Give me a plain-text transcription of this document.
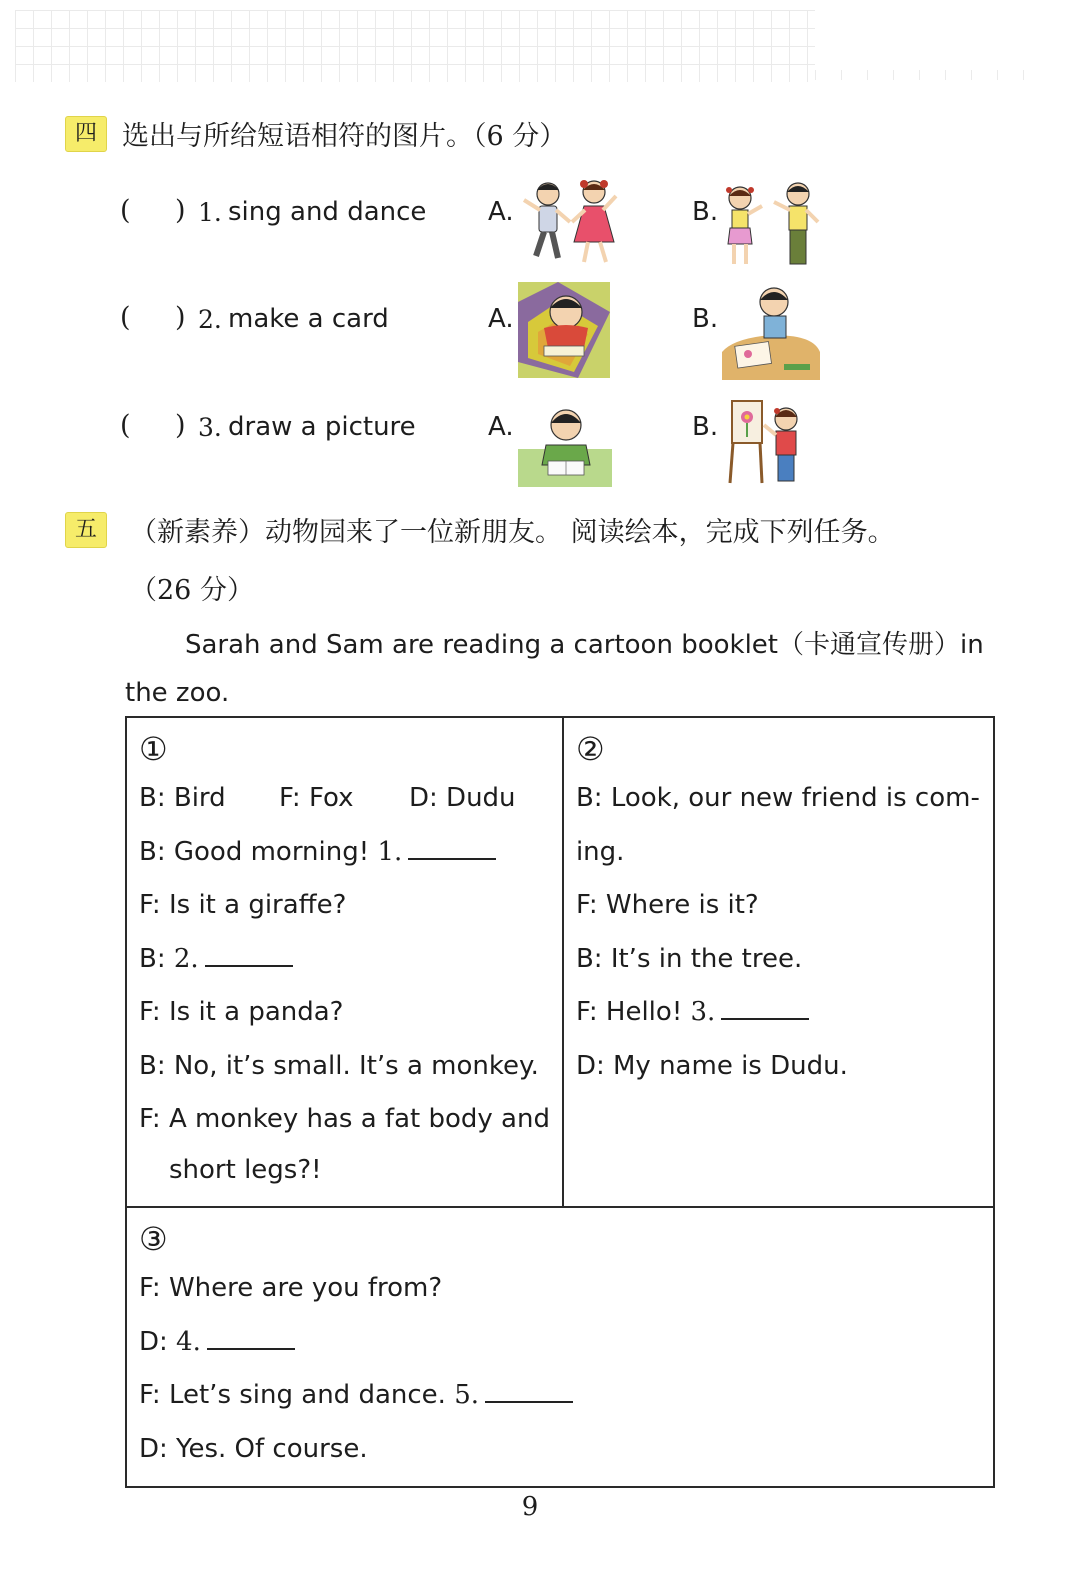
四 选出与所给短语相符的图片。（6 分）
( ) 1. sing and dance A.	B.
( ) 2. make a card	A.	B.
( ) 3. draw a picture	A.	B.
五	（新素养）动物园来了一位新朋友。 阅读绘本，完成下列任务。
（26 分）
Sarah and Sam are reading a cartoon booklet（卡通宣传册）in
the zoo.
①
B: Bird F: Fox D: Dudu
B: Good morning! 1.
F: Is it a giraffe?
B: 2.
F: Is it a panda?
B: No, it’s small. It’s a monkey.
F: A monkey has a fat body and
short legs?!

②
B: Look, our new friend is com-
ing.
F: Where is it?
B: It’s in the tree.
F: Hello! 3.
D: My name is Dudu.

③
F: Where are you from?
D: 4.
F: Let’s sing and dance. 5.
D: Yes. Of course.
9
